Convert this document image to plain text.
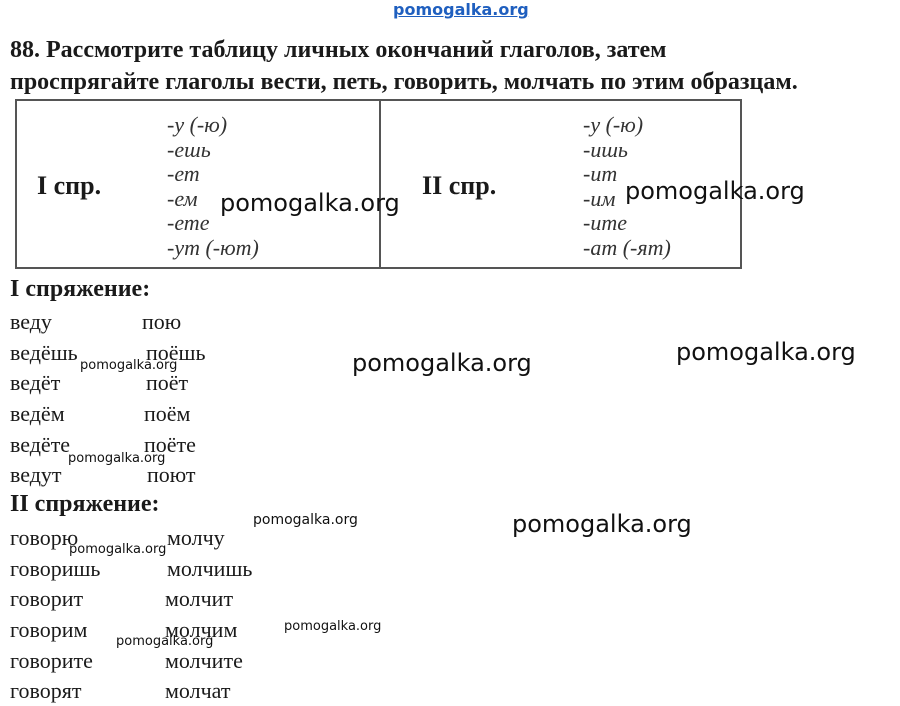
pomogalka.org
88. Рассмотрите таблицу личных окончаний глаголов, затем
проспрягайте глаголы вести, петь, говорить, молчать по этим образцам.
I спр.
-у (-ю)
-ешь
-ет
-ем
-ете
-ут (-ют)
II спр.
-у (-ю)
-ишь
-ит
-им
-ите
-ат (-ят)
I спряжение:
веду
ведёшь
ведёт
ведём
ведёте
ведут
пою
поёшь
поёт
поём
поёте
поют
II спряжение:
говорю
говоришь
говорит
говорим
говорите
говорят
молчу
молчишь
молчит
молчим
молчите
молчат
pomogalka.org	pomogalka.org
pomogalka.org	pomogalka.org
pomogalka.org
pomogalka.org
pomogalka.org
pomogalka.org
pomogalka.org
pomogalka.org
pomogalka.org
